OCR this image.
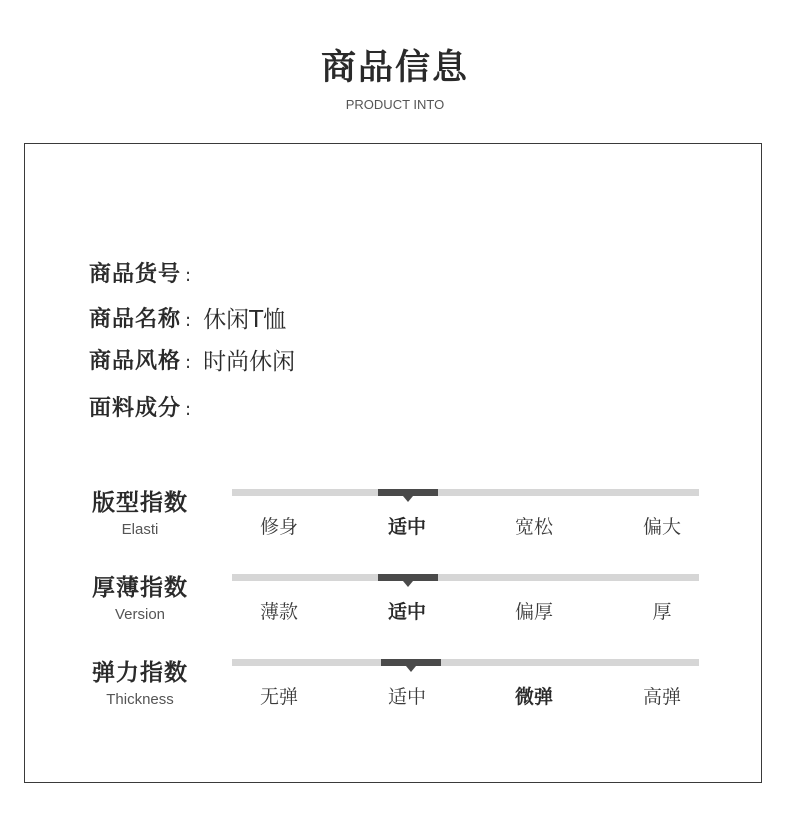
商品信息
PRODUCT INTO
商品货号 :
商品名称 : 休闲T恤
商品风格 : 时尚休闲
面料成分 :
版型指数
Elasti	修身	适中	宽松	偏大
厚薄指数
Version	薄款	适中	偏厚	厚
弹力指数
Thickness	无弹	适中	微弹	高弹
